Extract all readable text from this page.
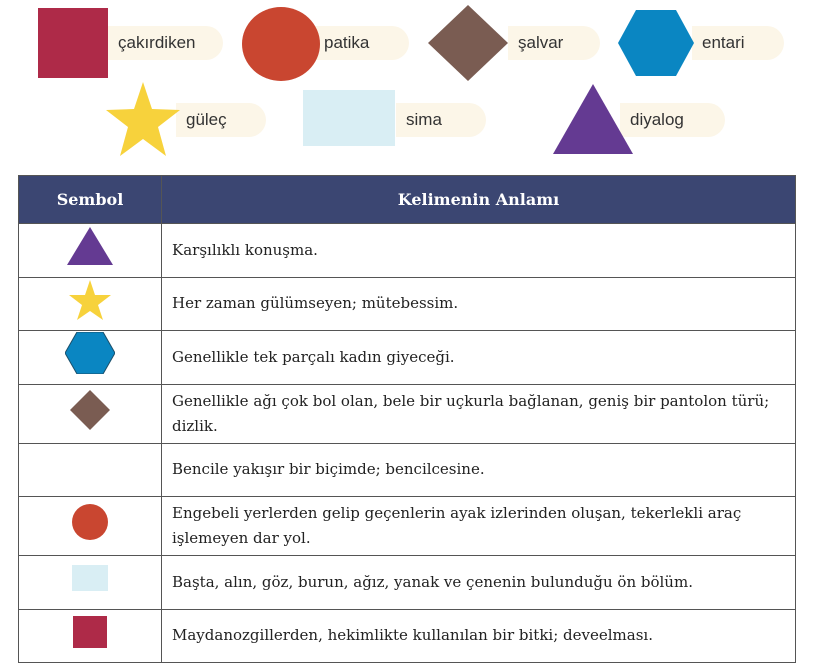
çakırdiken	patika	şalvar	entari
güleç	sima	diyalog
Sembol	Kelimenin Anlamı
	Karşılıklı konuşma.
	Her zaman gülümseyen; mütebessim.
	Genellikle tek parçalı kadın giyeceği.
	Genellikle ağı çok bol olan, bele bir uçkurla bağlanan, geniş bir pantolon türü; dizlik.
	Bencile yakışır bir biçimde; bencilcesine.
	Engebeli yerlerden gelip geçenlerin ayak izlerinden oluşan, tekerlekli araç işlemeyen dar yol.
	Başta, alın, göz, burun, ağız, yanak ve çenenin bulunduğu ön bölüm.
	Maydanozgillerden, hekimlikte kullanılan bir bitki; deveelması.
